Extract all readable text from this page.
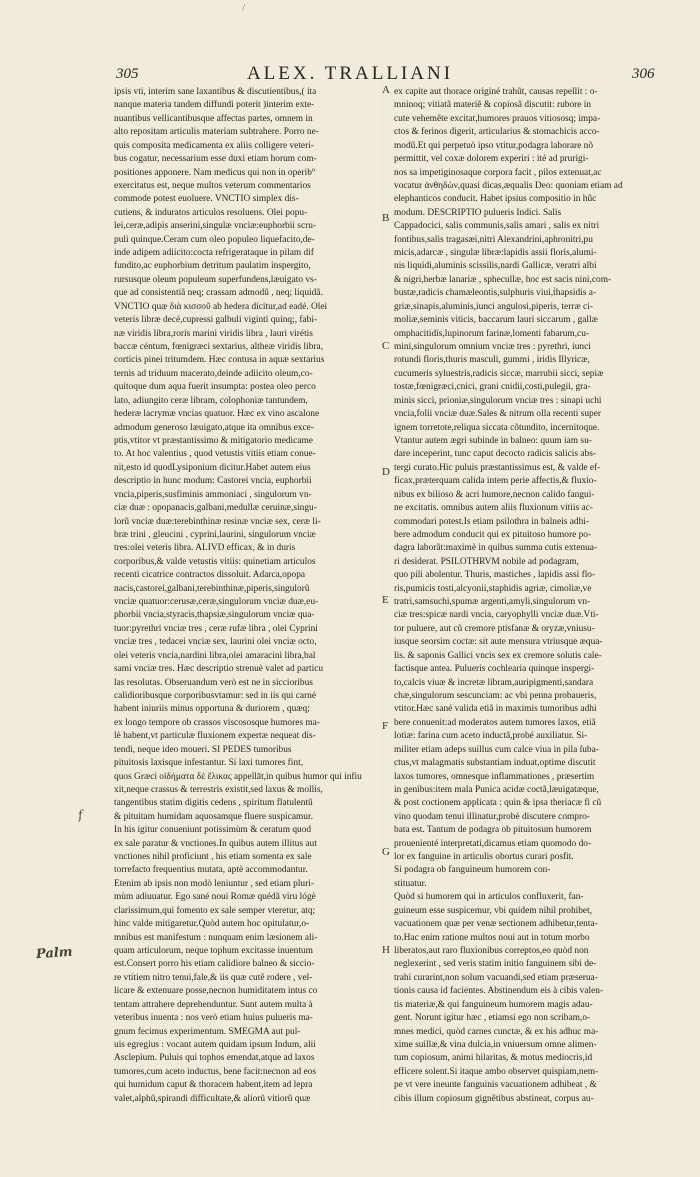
/
305	ALEX. TRALLIANI	306
A
B
C
D
E
F
G
H
f
Palm
ipsis vti, interim sane laxantibus & discutientibus,( ita
nanque materia tandem diffundi poterit )interim exte-
nuantibus vellicantibusque affectas partes, omnem in
alto repositam articulis materiam subtrahere. Porro ne-
quis composita medicamenta ex aliis colligere veteri-
bus cogatur, necessarium esse duxi etiam horum com-
positiones apponere. Nam medicus qui non in operibº
exercitatus est, neque multos veterum commentarios
commode potest euoluere. VNCTIO simplex dis-
cutiens, & induratos articulos resoluens. Olei popu-
lei,ceræ,adipis anserini,singulæ vnciæ:euphorbii scru-
puli quinque.Ceram cum oleo populeo liquefacito,de-
inde adipem adiicito:cocta refrigerataque in pilam dif
fundito,ac euphorbium detritum paulatim inspergito,
rursusque oleum populeum superfundens,læuigato vs-
que ad consistentiã neq; crassam admodũ , neq; liquidã.
VNCTIO quæ διὰ κισσοῦ ab hedera dicitur,ad eadé. Olei
veteris libræ decé,cupressi galbuli viginti quinq;, fabi-
næ viridis libra,roris marini viridis libra , lauri virétis
baccæ céntum, fœnigræci sextarius, altheæ viridis libra,
corticis pinei tritumdem. Hæc contusa in aquæ sextarius
ternis ad triduum macerato,deinde adiicito oleum,co-
quitoque dum aqua fuerit insumpta: postea oleo perco
lato, adiungito ceræ libram, colophoniæ tantundem,
hederæ lacrymæ vncias quatuor. Hæc ex vino ascalone
admodum generoso læuigato,atque ita omnibus exce-
ptis,vtitor vt præstantissimo & mitigatorio medicame
to. At hoc valentius , quod vetustis vitiis etiam conue-
nit,esto id quodLysiponium dicitur.Habet autem eius
descriptio in hunc modum: Castorei vncia, euphorbii
vncia,piperis,susfiminis ammoniaci , singulorum vn-
ciæ duæ : opopanacis,galbani,medullæ ceruinæ,singu-
lorũ vnciæ duæ:terebinthinæ resinæ vnciæ sex, ceræ li-
bræ trini , gleucini , cyprini,laurini, singulorum vnciæ
tres:olei veteris libra. ALIVD efficax, & in duris
corporibus,& valde vetustis vitiis: quinetiam articulos
recenti cicatrice contractos dissoluit. Adarca,opopa
nacis,castorei,galbani,terebinthinæ,piperis,singulorũ
vnciæ quatuor:cerusæ,ceræ,singulorum vnciæ duæ,eu-
phorbii vncia,styracis,thapsiæ,singulorum vnciæ qua-
tuor:pyrethri vnciæ tres , ceræ rufæ libra , olei Cyprini
vnciæ tres , tedacei vnciæ sex, laurini olei vnciæ octo,
olei veteris vncia,nardini libra,olei amaracini libra,bal
sami vnciæ tres. Hæc descriptio strenuè valet ad particu
las resolutas. Obseruandum verò est ne in siccioribus
calidioribusque corporibusvtamur: sed in iis qui carné
habent iniuriis minus opportuna & duriorem , quæq;
ex longo tempore ob crassos viscososque humores ma-
lè habent,vt particulæ fluxionem expertæ nequeat dis-
tendi, neque ideo moueri. SI PEDES tumoribus
pituitosis laxisque infestantur. Si laxi tumores fint,
quos Græci οἰδήματα δὲ ἕλικας appellāt,in quibus humor qui infiu
xit,neque crassus & terrestris existit,sed laxus & mollis,
tangentibus statim digitis cedens , spiritum flatulentũ
& pituitam humidam aquosamque fluere suspicamur.
In his igitur conueniunt potissimùm & ceratum quod
ex sale paratur & vnctiones.In quibus autem illitus aut
vnctiones nihil proficiunt , his etiam somenta ex sale
torrefacto frequentius mutata, aptè accommodantur.
Etenim ab ipsis non modò leniuntur , sed etiam pluri-
mùm adiuuatur. Ego sané noui Romæ quédã viru lógè
clarissimum,qui fomento ex sale semper vteretur, atq;
hinc valde mitigaretur.Quòd autem hoc opitulatur,o-
mnibus est manifestum : nunquam enim læsionem ali-
quam articulorum, neque tophum excitasse inuentum
est.Consert porro his etiam calidiore balneo & siccio-
re vtitiem nitro tenui,fale,& iis quæ cutẽ rodere , vel-
licare & extenuare posse,necnon humiditatem intus co
tentam attrahere deprehenduntur. Sunt autem multa à
veteribus inuenta : nos verò etiam huius pulueris ma-
gnum fecimus experimentum. SMEGMA aut pul-
uis egregius : vocant autem quidam ipsum Indum, alii
Asclepium. Puluis qui tophos emendat,atque ad laxos
tumores,cum aceto inductus, bene facit:necnon ad eos
qui humidum caput & thoracem habent,item ad lepra
valet,alphũ,spirandi difficultate,& aliorũ vitiorũ quæ
ex capite aut thorace originé trahũt, causas repellit : o-
mninoq; vitiatã materiẽ & copiosã discutit: rubore in
cute vehemẽte excitat,humores prauos vitiososq; impa-
ctos & ferinos digerit, articularius & stomachicis acco-
modũ.Et qui perpetuò ipso vtitur,podagra laborare nõ
permittit, vel coxæ dolorem experiri : ité ad prurigi-
nos sa impetiginosaque corpora facit , pilos extenuat,ac
vocatur ἀνθηδὼν,quasi dicas,æqualis Deo: quoniam etiam ad
elephanticos conducit. Habet ipsius compositio in hũc
modum. DESCRIPTIO pulueris Indici. Salis
Cappadocici, salis communis,salis amari , salis ex nitri
fontibus,salis tragasæi,nitri Alexandrini,aphronitri,pu
micis,adarcæ , singulæ libræ:lapidis assii floris,alumi-
nis liquidi,aluminis scissilis,nardi Gallicæ, veratri albi
& nigri,herbæ lanariæ , sphecullæ, hoc est sacis nini,com-
bustæ,radicis chamæleontis,sulphuris viui,ṫhapsidis a-
griæ,sinapis,aluminis,iunci angulosi,piperis, terræ ci-
moliæ,seminis viticis, baccarum lauri siccarum , gallæ
omphacitidis,lupinorum farinæ,lomenti fabarum,cu-
mini,singulorum omnium vnciæ tres : pyrethri, iunci
rotundi floris,thuris masculi, gummi , iridis Illyricæ,
cucumeris syluestris,radicis siccæ, marrubii sicci, sepiæ
tostæ,fœnigræci,cnici, grani cnidii,costi,pulegii, gra-
minis sicci, prioniæ,singulorum vnciæ tres : sinapi uchi
vncia,folii vnciæ duæ.Sales & nitrum olla recenti super
ignem torretote,reliqua siccata cõtundito, incernitoque.
Vtantur autem ægri subinde in balneo: quum iam su-
dare inceperint, tunc caput decocto radicis salicis abs-
tergi curato.Hic puluis præstantissimus est, & valde ef-
ficax,præterquam calida intem perie affectis,& fluxio-
nibus ex bilioso & acri humore,necnon calido fangui-
ne excitatis. omnibus autem aliis fluxionum vitiis ac-
commodari potest.Is etiam psilothra in balneis adhi-
bere admodum conducit qui ex pituitoso humore po-
dagra laborãt:maximè in quibus summa cutis extenua-
ri desiderat. PSILOTHRVM nobile ad podagram,
quo pili abolentur. Thuris, masticheѕ , lapidis assi flo-
ris,pumicis tosti,alcyonii,staphidis agriæ, cimoliæ,ve
tratri,samsuchi,spumæ argenti,amyli,singulorum vn-
ciæ tres:spicæ nardi vncia, caryophylli vnciæ duæ.Vti-
tor puluere, aut cũ cremore ptisfanæ & oryzæ,vniusu-
iusque seorsim coctæ: sit aute mensura vtriusque æqua-
lis. & saponis Gallici vncis sex ex cremore solutis cale-
factisque antea. Pulueris cochlearia quinque inspergi-
to,calcis viuæ & incretæ libram,auripigmenti,sandara
chæ,singulorum sescunciam: ac vbi penna probaueris,
vtitor.Hæc sané valida etiã in maximis tumoribus adhi
bere conuenit:ad moderatos autem tumores laxos, etiã
lotiæ: farina cum aceto inductã,probé auxiliatur. Si-
militer etiam adeps suillus cum calce viua in pila ſuba-
ctus,vt malagmatis substantiam induat,optime discutit
laxos tumores, omnesque inflammationes , præsertim
in genibus:item mala Punica acidæ coctã,læuigatæque,
& post coctionem applicata : quin & ipsa theriacæ fi cũ
vino quodam tenui illinatur,probè discutere compro-
bata est. Tantum de podagra ob pituitosum humorem
prouenienté interpretati,dicamus etiam quomodo do-
lor ex fanguine in articulis obortus curari posfit.
Si podagra ob fanguineum humorem con-
stituatur.
Quòd si humorem qui in articulos confluxerit, fan-
guineum esse suspicemur, vbi quidem nihil prohibet,
vacuationem quæ per venæ sectionem adhibetur,tenta-
to.Hac enim ratione multos noui aut in totum morbo
liberatos,aut raro fluxionibus correptos,eo quòd non
neglexerint , sed veris statim initio fanguinem sibi de-
trahi curarint,non solum vacuandi,sed etiam præserua-
tionis causa id facientes. Abstinendum eis à cibis valen-
tis materiæ,& qui fanguineum humorem magis adau-
gent. Norunt igitur hæc , etiamsi ego non scribam,o-
mnes medici, quòd carnes cunctæ, & ex his adhuc ma-
xime suillæ,& vina dulcia,in vniuersum omne alimen-
tum copiosum, animi hilaritas, & motus mediocris,id
efficere solent.Si itaque ambo observet quispiam,nem-
pe vt vere ineunte fanguinis vacuationem adhibeat , &
cibis illum copiosum gignẽtibus abstineat, corpus au-
